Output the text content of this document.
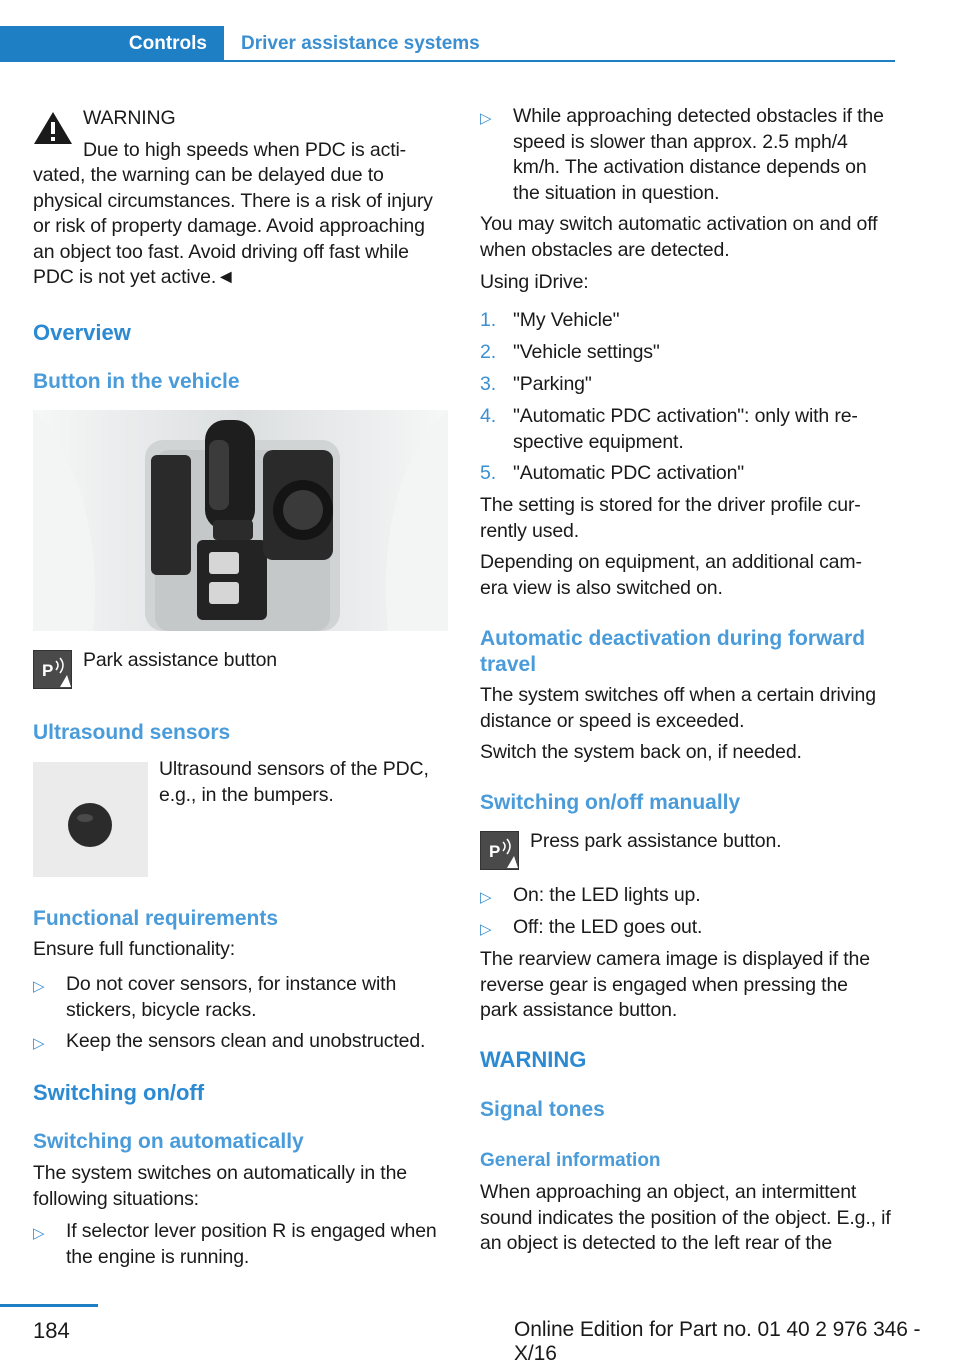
Controls	Driver assistance systems
WARNING
Due to high speeds when PDC is acti-
vated, the warning can be delayed due to physical circumstances. There is a risk of injury or risk of property damage. Avoid approaching an object too fast. Avoid driving off fast while PDC is not yet active.◄
Overview
Button in the vehicle
P Park assistance button
Ultrasound sensors
Ultrasound sensors of the PDC, e.g., in the bumpers.
Functional requirements
Ensure full functionality:
▷ Do not cover sensors, for instance with stickers, bicycle racks.
▷ Keep the sensors clean and unobstructed.
Switching on/off
Switching on automatically
The system switches on automatically in the following situations:
▷ If selector lever position R is engaged when the engine is running.
▷ While approaching detected obstacles if the speed is slower than approx. 2.5 mph/4 km/h. The activation distance depends on the situation in question.
You may switch automatic activation on and off when obstacles are detected.
Using iDrive:
1. "My Vehicle"
2. "Vehicle settings"
3. "Parking"
4. "Automatic PDC activation": only with re- spective equipment.
5. "Automatic PDC activation"
The setting is stored for the driver profile cur- rently used.
Depending on equipment, an additional cam- era view is also switched on.
Automatic deactivation during forward travel
The system switches off when a certain driving distance or speed is exceeded.
Switch the system back on, if needed.
Switching on/off manually
P Press park assistance button.
▷ On: the LED lights up.
▷ Off: the LED goes out.
The rearview camera image is displayed if the reverse gear is engaged when pressing the park assistance button.
WARNING
Signal tones
General information
When approaching an object, an intermittent sound indicates the position of the object. E.g., if an object is detected to the left rear of the
184	Online Edition for Part no. 01 40 2 976 346 - X/16
